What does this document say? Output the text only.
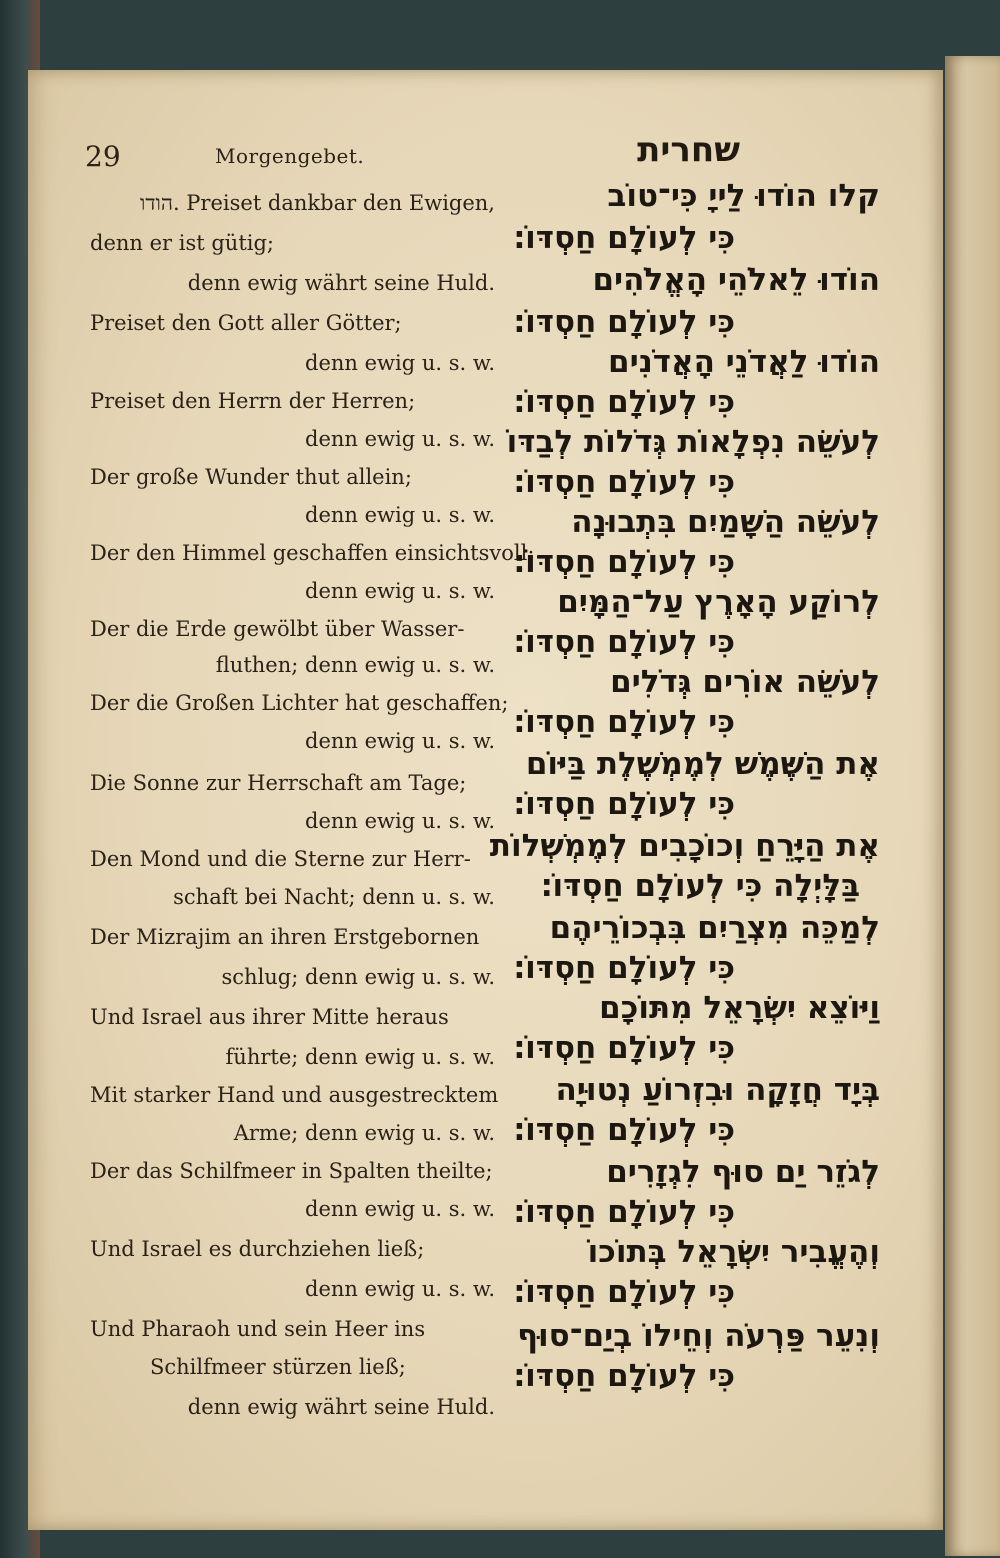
29	Morgengebet.	שחרית
הודו. Preiset dankbar den Ewigen,
denn er ist gütig;
denn ewig währt seine Huld.
Preiset den Gott aller Götter;
denn ewig u. s. w.
Preiset den Herrn der Herren;
denn ewig u. s. w.
Der große Wunder thut allein;
denn ewig u. s. w.
Der den Himmel geschaffen einsichtsvoll;
denn ewig u. s. w.
Der die Erde gewölbt über Wasser-
fluthen; denn ewig u. s. w.
Der die Großen Lichter hat geschaffen;
denn ewig u. s. w.
Die Sonne zur Herrschaft am Tage;
denn ewig u. s. w.
Den Mond und die Sterne zur Herr-
schaft bei Nacht; denn u. s. w.
Der Mizrajim an ihren Erstgebornen
schlug; denn ewig u. s. w.
Und Israel aus ihrer Mitte heraus
führte; denn ewig u. s. w.
Mit starker Hand und ausgestrecktem
Arme; denn ewig u. s. w.
Der das Schilfmeer in Spalten theilte;
denn ewig u. s. w.
Und Israel es durchziehen ließ;
denn ewig u. s. w.
Und Pharaoh und sein Heer ins
Schilfmeer stürzen ließ;
denn ewig währt seine Huld.
קלו הוֹדוּ לַייָ כִּי־טוֹב
כִּי לְעוֹלָם חַסְדּוֹ׃
הוֹדוּ לֵאלֹהֵי הָאֱלֹהִים
כִּי לְעוֹלָם חַסְדּוֹ׃
הוֹדוּ לַאֲדֹנֵי הָאֲדֹנִים
כִּי לְעוֹלָם חַסְדּוֹ׃
לְעֹשֵׂה נִפְלָאוֹת גְּדֹלוֹת לְבַדּוֹ
כִּי לְעוֹלָם חַסְדּוֹ׃
לְעֹשֵׂה הַשָּׁמַיִם בִּתְבוּנָה
כִּי לְעוֹלָם חַסְדּוֹ׃
לְרוֹקַע הָאָרֶץ עַל־הַמָּיִם
כִּי לְעוֹלָם חַסְדּוֹ׃
לְעֹשֵׂה אוֹרִים גְּדֹלִים
כִּי לְעוֹלָם חַסְדּוֹ׃
אֶת הַשֶּׁמֶשׁ לְמֶמְשֶׁלֶת בַּיּוֹם
כִּי לְעוֹלָם חַסְדּוֹ׃
אֶת הַיָּרֵחַ וְכוֹכָבִים לְמֶמְשְׁלוֹת
בַּלָּיְלָה כִּי לְעוֹלָם חַסְדּוֹ׃
לְמַכֵּה מִצְרַיִם בִּבְכוֹרֵיהֶם
כִּי לְעוֹלָם חַסְדּוֹ׃
וַיּוֹצֵא יִשְׂרָאֵל מִתּוֹכָם
כִּי לְעוֹלָם חַסְדּוֹ׃
בְּיָד חֲזָקָה וּבִזְרוֹעַ נְטוּיָה
כִּי לְעוֹלָם חַסְדּוֹ׃
לְגֹזֵר יַם סוּף לִגְזָרִים
כִּי לְעוֹלָם חַסְדּוֹ׃
וְהֶעֱבִיר יִשְׂרָאֵל בְּתוֹכוֹ
כִּי לְעוֹלָם חַסְדּוֹ׃
וְנִעֵר פַּרְעֹה וְחֵילוֹ בְיַם־סוּף
כִּי לְעוֹלָם חַסְדּוֹ׃
